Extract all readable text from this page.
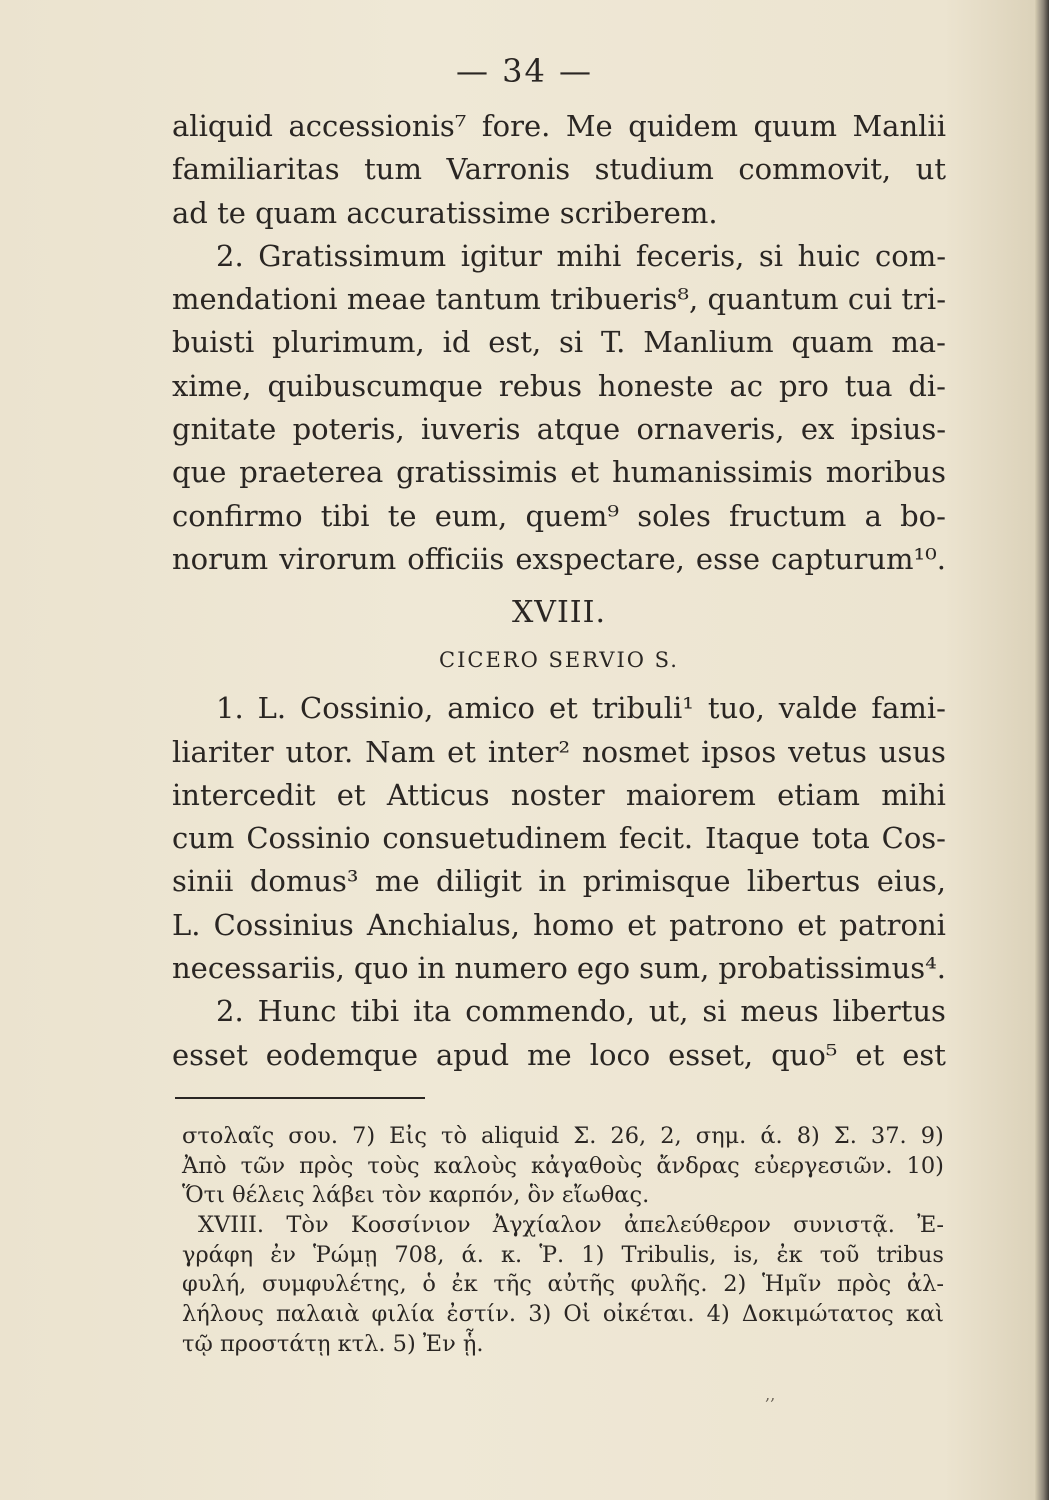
— 34 —
aliquid accessionis⁷ fore. Me quidem quum Manlii
familiaritas tum Varronis studium commovit, ut
ad te quam accuratissime scriberem.
2. Gratissimum igitur mihi feceris, si huic com-
mendationi meae tantum tribueris⁸, quantum cui tri-
buisti plurimum, id est, si T. Manlium quam ma-
xime, quibuscumque rebus honeste ac pro tua di-
gnitate poteris, iuveris atque ornaveris, ex ipsius-
que praeterea gratissimis et humanissimis moribus
confirmo tibi te eum, quem⁹ soles fructum a bo-
norum virorum officiis exspectare, esse capturum¹⁰.
XVIII.
CICERO SERVIO S.
1. L. Cossinio, amico et tribuli¹ tuo, valde fami-
liariter utor. Nam et inter² nosmet ipsos vetus usus
intercedit et Atticus noster maiorem etiam mihi
cum Cossinio consuetudinem fecit. Itaque tota Cos-
sinii domus³ me diligit in primisque libertus eius,
L. Cossinius Anchialus, homo et patrono et patroni
necessariis, quo in numero ego sum, probatissimus⁴.
2. Hunc tibi ita commendo, ut, si meus libertus
esset eodemque apud me loco esset, quo⁵ et est
στολαῖς σου. 7) Εἰς τὸ aliquid Σ. 26, 2, σημ. ά. 8) Σ. 37. 9)
Ἀπὸ τῶν πρὸς τοὺς καλοὺς κἀγαθοὺς ἄνδρας εὐεργεσιῶν. 10)
Ὅτι θέλεις λάβει τὸν καρπόν, ὃν εἴωθας.
XVIII. Τὸν Κοσσίνιον Ἀγχίαλον ἀπελεύθερον συνιστᾷ. Ἐ-
γράφη ἐν Ῥώμῃ 708, ά. κ. Ῥ. 1) Tribulis, is, ἐκ τοῦ tribus
φυλή, συμφυλέτης, ὁ ἐκ τῆς αὐτῆς φυλῆς. 2) Ἡμῖν πρὸς ἀλ-
λήλους παλαιὰ φιλία ἐστίν. 3) Οἱ οἰκέται. 4) Δοκιμώτατος καὶ
τῷ προστάτῃ κτλ. 5) Ἐν ᾗ.
‚‚
